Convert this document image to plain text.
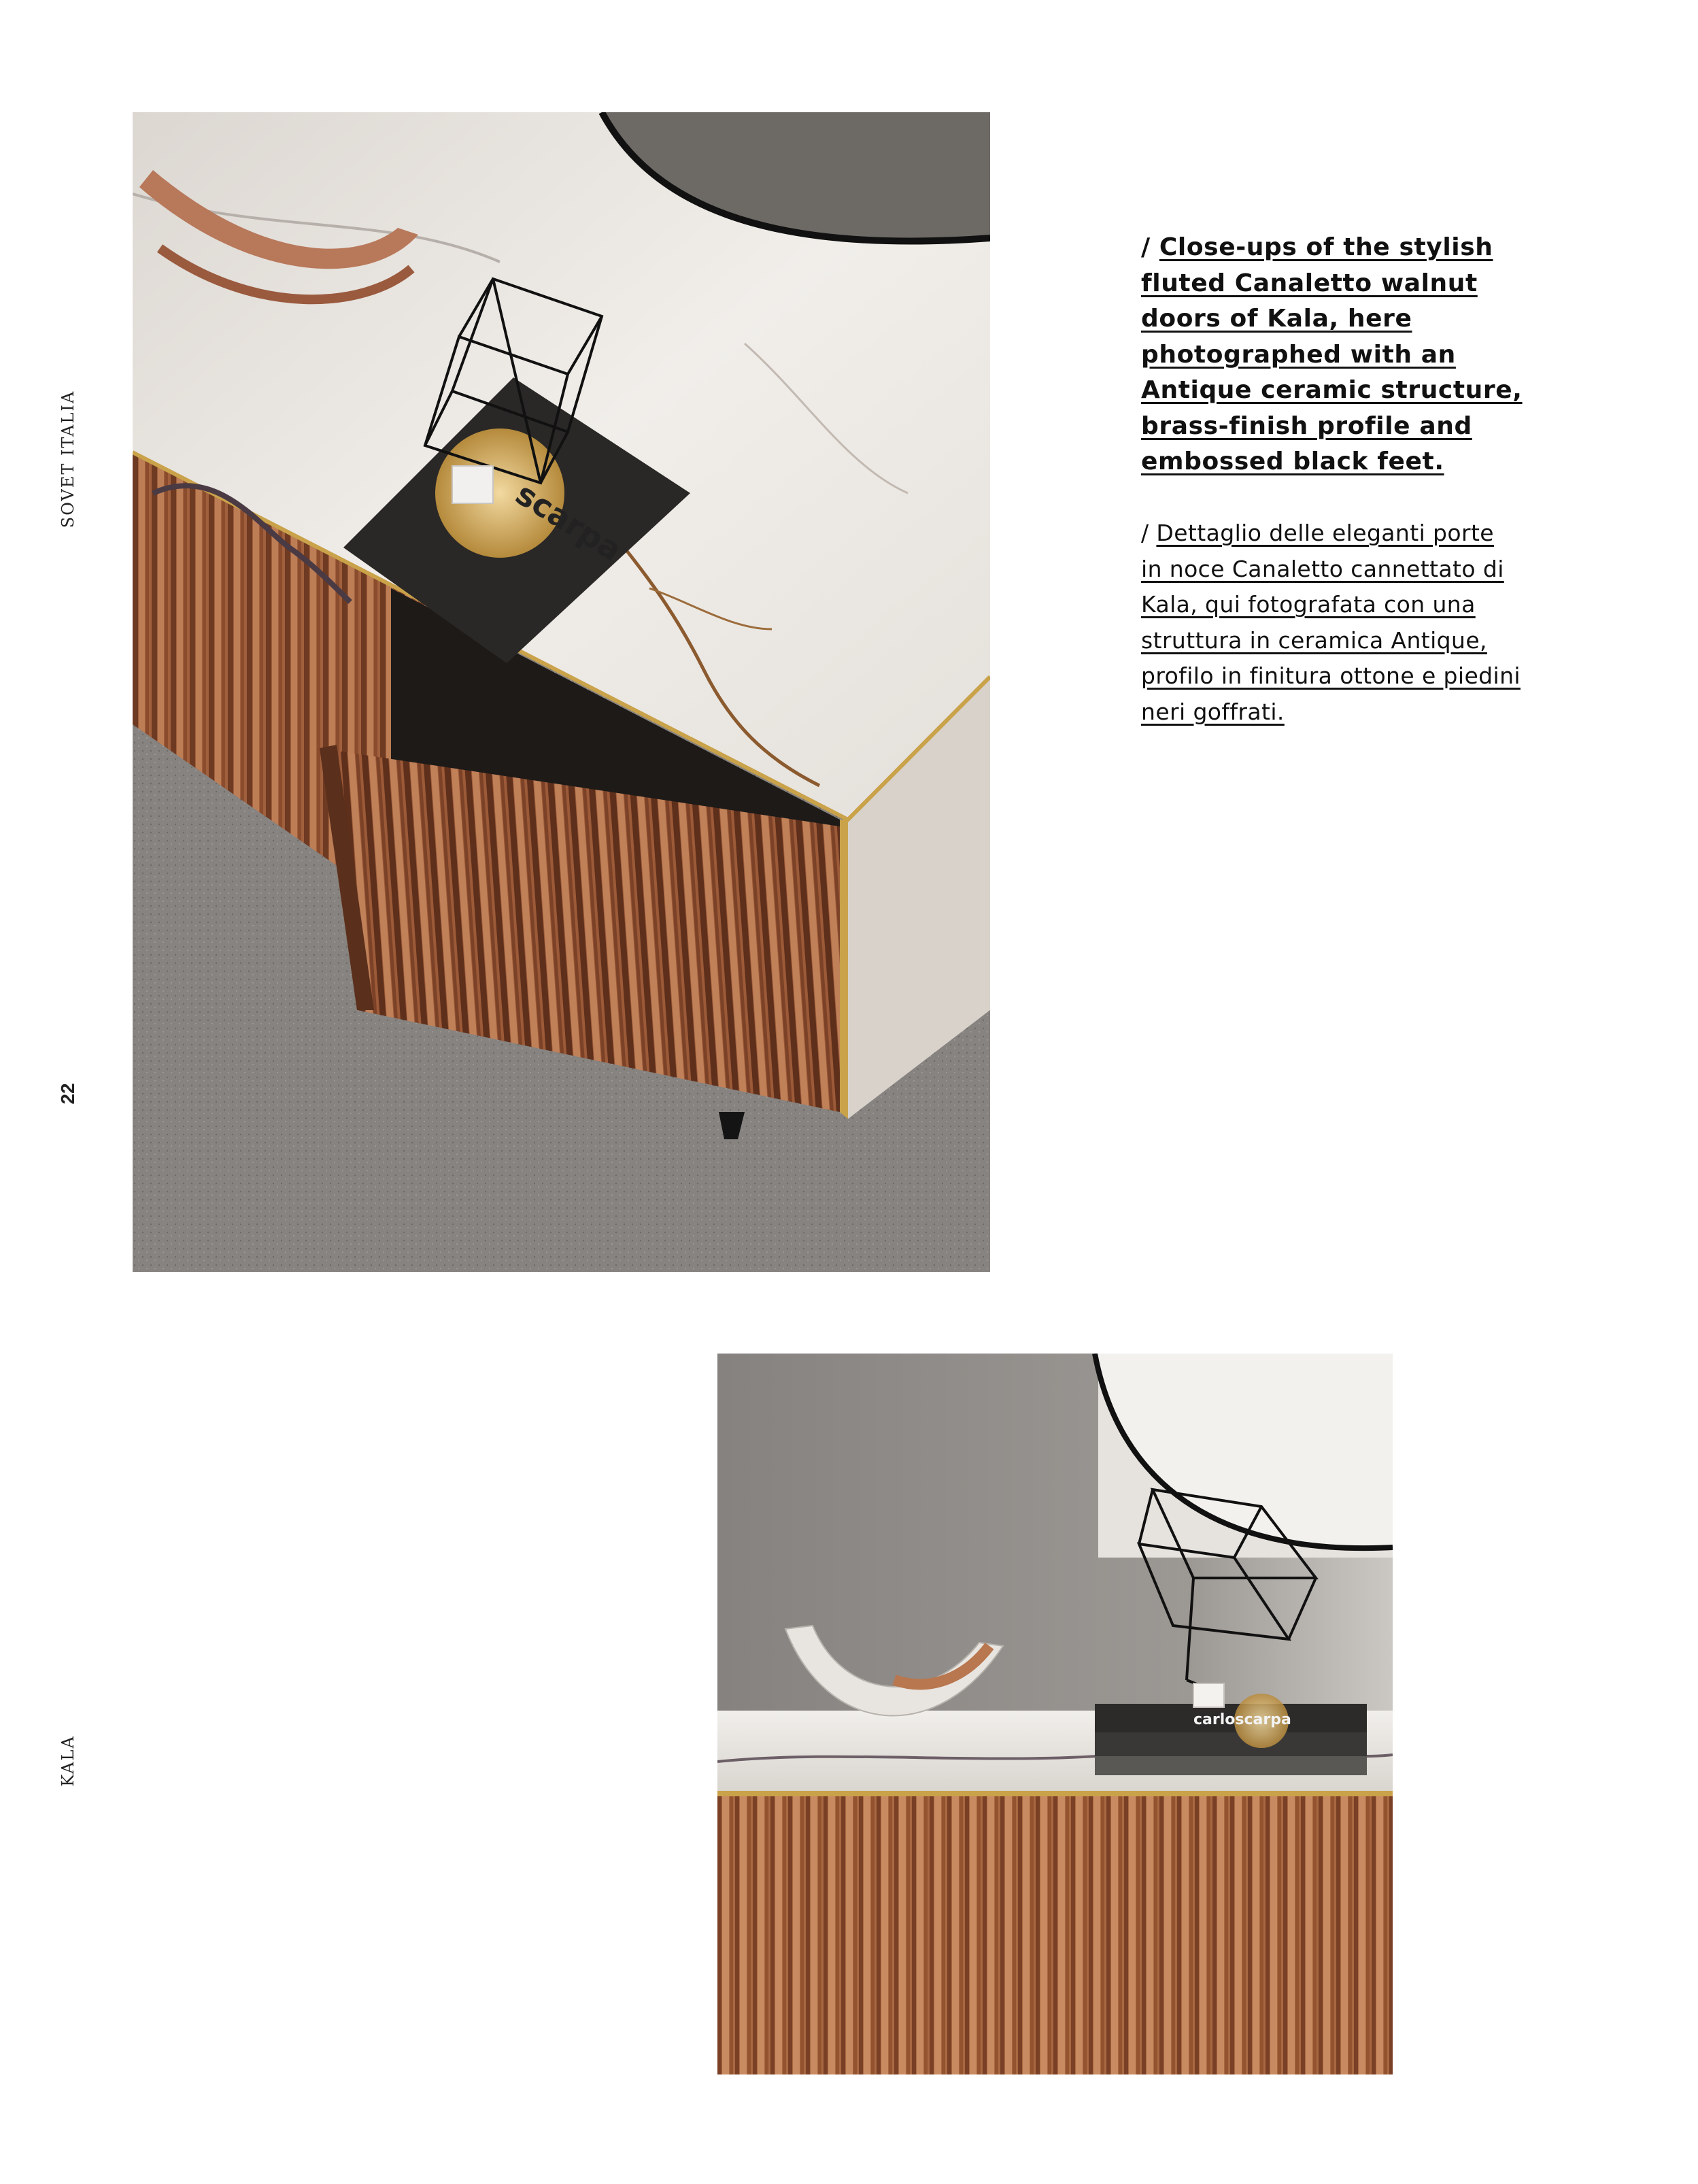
SOVET ITALIA
22
KALA
scarpa

/ Close-ups of the stylish
fluted Canaletto walnut
doors of Kala, here
photographed with an
Antique ceramic structure,
brass-finish profile and
embossed black feet.

/ Dettaglio delle eleganti porte
in noce Canaletto cannettato di
Kala, qui fotografata con una
struttura in ceramica Antique,
profilo in finitura ottone e piedini
neri goffrati.

carloscarpa
